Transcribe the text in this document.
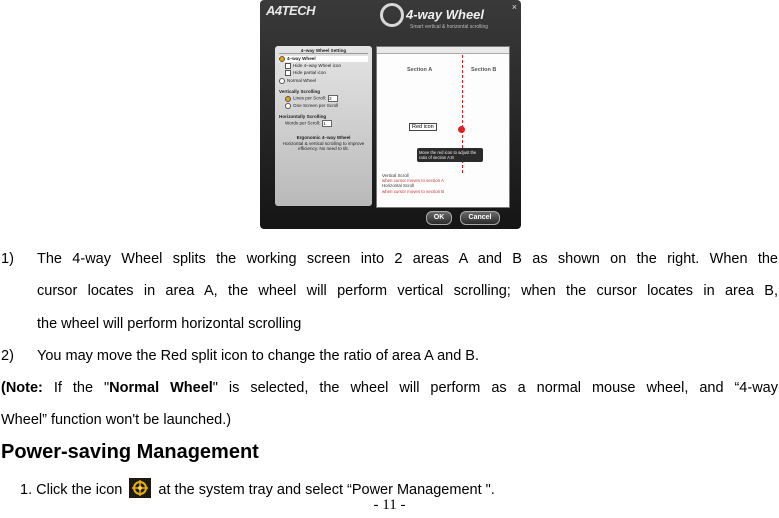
A4TECH	4-way Wheel
Smart vertical & horizontal scrolling
×
4–way Wheel Setting
4–way Wheel
Hide 4–way Wheel icon
Hide partial icon
Normal Wheel
Vertically Scrolling
Lines per Scroll: 3
One Screen per Scroll
Horizontally Scrolling
Words per Scroll: 1
Ergonomic 4–way Wheel
Horizontal & vertical scrolling to improve efficiency. No need to tilt.
Section A	Section B
Red icon
Move the red icon to adjust the ratio of section A:B
Vertical Scroll
when cursor moves to section A
Horizontal Scroll
when cursor moves to section B
OK	Cancel
1) The 4-way Wheel splits the working screen into 2 areas A and B as shown on the right. When the
cursor locates in area A, the wheel will perform vertical scrolling; when the cursor locates in area B,
the wheel will perform horizontal scrolling
2) You may move the Red split icon to change the ratio of area A and B.
(Note: If the "Normal Wheel" is selected, the wheel will perform as a normal mouse wheel, and “4-way
Wheel” function won't be launched.)
Power-saving Management
1. Click the icon at the system tray and select “Power Management ".
- 11 -
